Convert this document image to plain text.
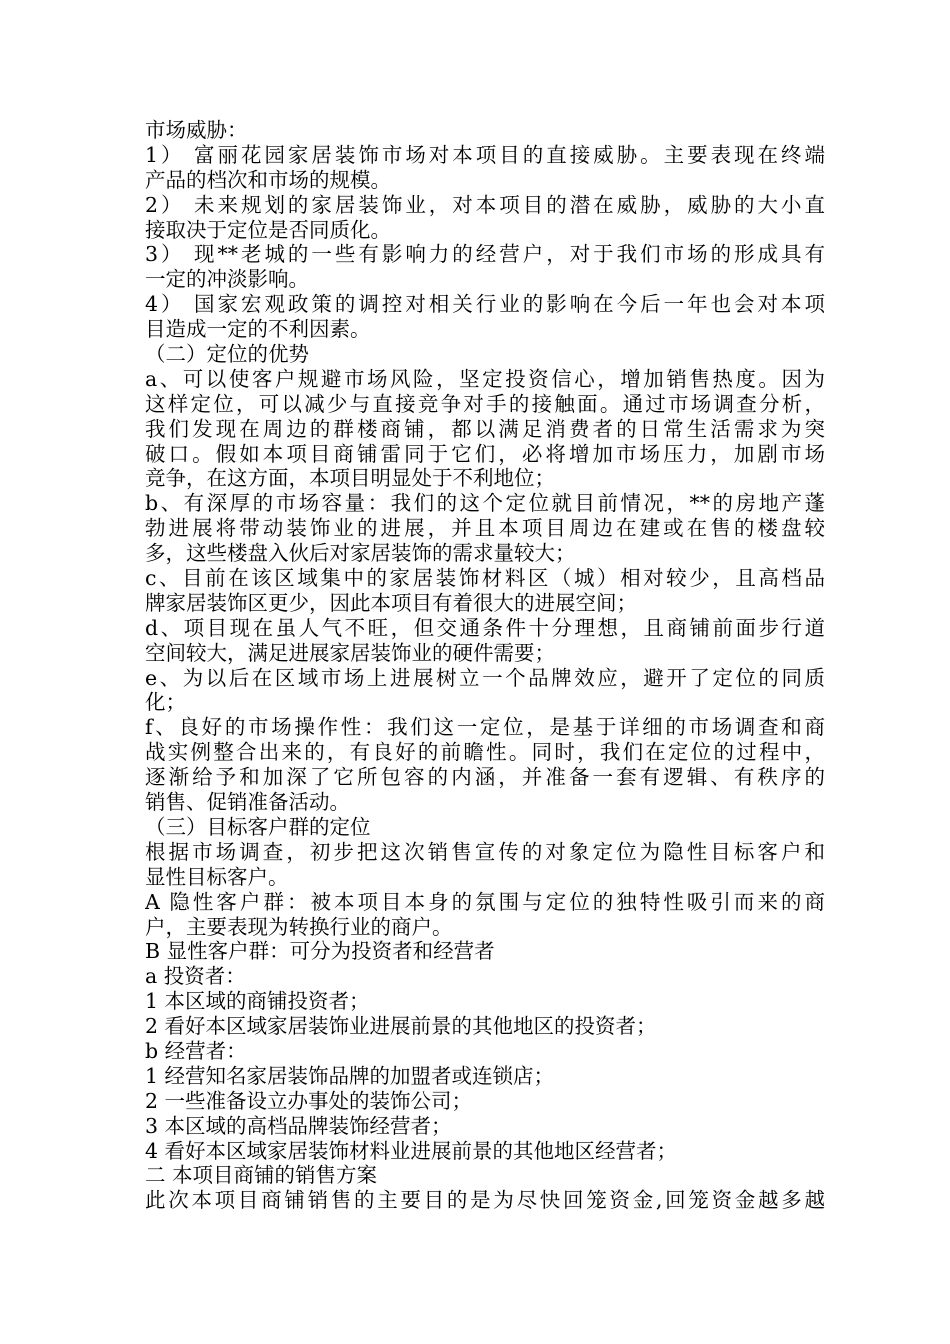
市场威胁：
1） 富丽花园家居装饰市场对本项目的直接威胁。主要表现在终端
产品的档次和市场的规模。
2） 未来规划的家居装饰业，对本项目的潜在威胁，威胁的大小直
接取决于定位是否同质化。
3） 现**老城的一些有影响力的经营户，对于我们市场的形成具有
一定的冲淡影响。
4） 国家宏观政策的调控对相关行业的影响在今后一年也会对本项
目造成一定的不利因素。
（二）定位的优势
a、可以使客户规避市场风险，坚定投资信心，增加销售热度。因为
这样定位，可以减少与直接竞争对手的接触面。通过市场调查分析，
我们发现在周边的群楼商铺，都以满足消费者的日常生活需求为突
破口。假如本项目商铺雷同于它们，必将增加市场压力，加剧市场
竞争，在这方面，本项目明显处于不利地位；
b、有深厚的市场容量：我们的这个定位就目前情况，**的房地产蓬
勃进展将带动装饰业的进展，并且本项目周边在建或在售的楼盘较
多，这些楼盘入伙后对家居装饰的需求量较大；
c、目前在该区域集中的家居装饰材料区（城）相对较少，且高档品
牌家居装饰区更少，因此本项目有着很大的进展空间；
d、项目现在虽人气不旺，但交通条件十分理想，且商铺前面步行道
空间较大，满足进展家居装饰业的硬件需要；
e、为以后在区域市场上进展树立一个品牌效应，避开了定位的同质
化；
f、良好的市场操作性：我们这一定位，是基于详细的市场调查和商
战实例整合出来的，有良好的前瞻性。同时，我们在定位的过程中，
逐渐给予和加深了它所包容的内涵，并准备一套有逻辑、有秩序的
销售、促销准备活动。
（三）目标客户群的定位
根据市场调查，初步把这次销售宣传的对象定位为隐性目标客户和
显性目标客户。
A 隐性客户群：被本项目本身的氛围与定位的独特性吸引而来的商
户，主要表现为转换行业的商户。
B 显性客户群：可分为投资者和经营者
a 投资者：
1 本区域的商铺投资者；
2 看好本区域家居装饰业进展前景的其他地区的投资者；
b 经营者：
1 经营知名家居装饰品牌的加盟者或连锁店；
2 一些准备设立办事处的装饰公司；
3 本区域的高档品牌装饰经营者；
4 看好本区域家居装饰材料业进展前景的其他地区经营者；
二 本项目商铺的销售方案
此次本项目商铺销售的主要目的是为尽快回笼资金,回笼资金越多越
